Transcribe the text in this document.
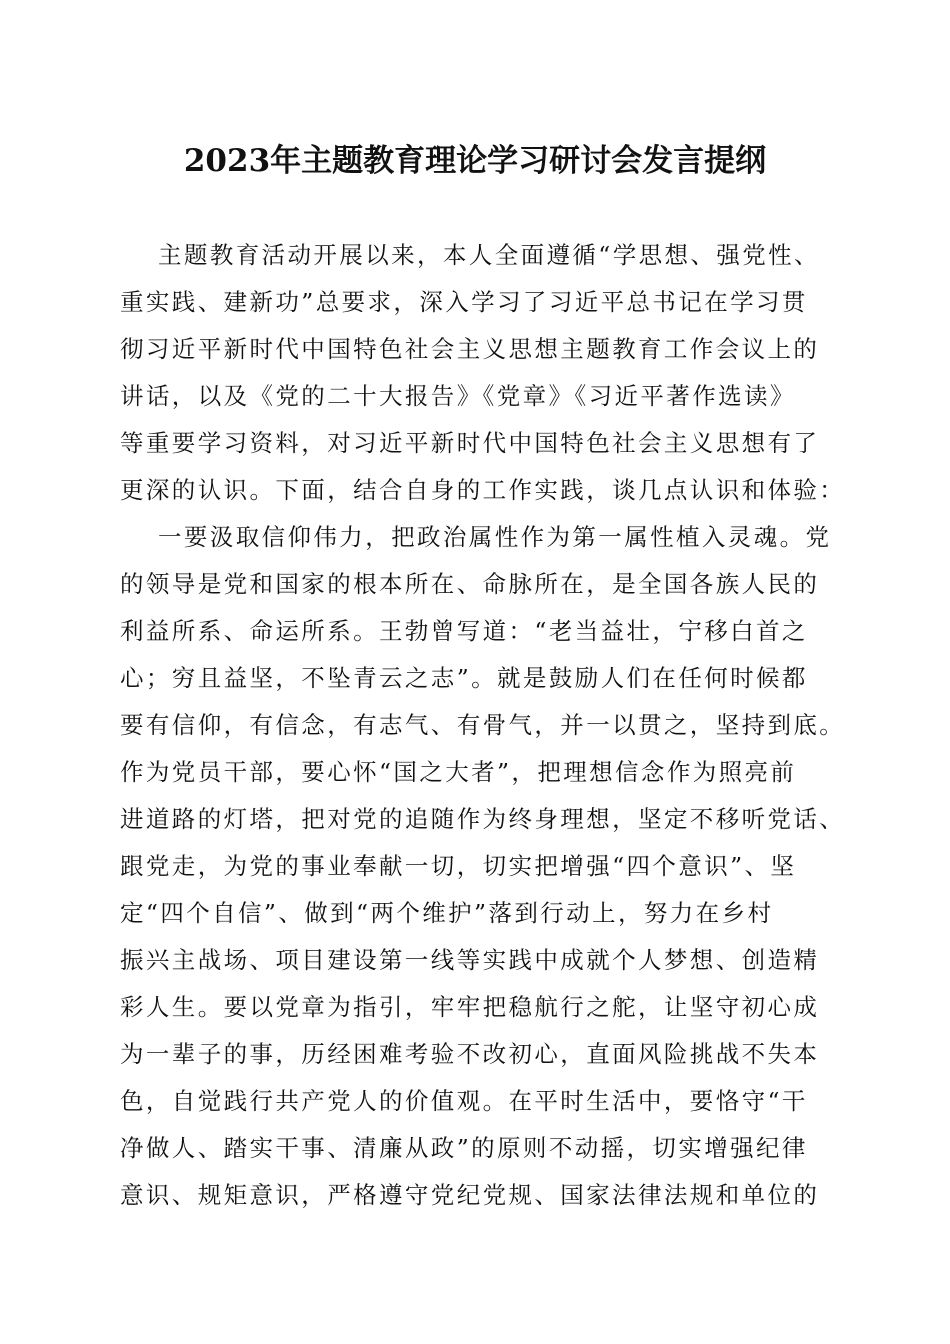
2023年主题教育理论学习研讨会发言提纲
主题教育活动开展以来，本人全面遵循“学思想、强党性、
重实践、建新功”总要求，深入学习了习近平总书记在学习贯
彻习近平新时代中国特色社会主义思想主题教育工作会议上的
讲话，以及《党的二十大报告》《党章》《习近平著作选读》
等重要学习资料，对习近平新时代中国特色社会主义思想有了
更深的认识。下面，结合自身的工作实践，谈几点认识和体验：
一要汲取信仰伟力，把政治属性作为第一属性植入灵魂。党
的领导是党和国家的根本所在、命脉所在，是全国各族人民的
利益所系、命运所系。王勃曾写道：“老当益壮，宁移白首之
心；穷且益坚，不坠青云之志”。就是鼓励人们在任何时候都
要有信仰，有信念，有志气、有骨气，并一以贯之，坚持到底。
作为党员干部，要心怀“国之大者”，把理想信念作为照亮前
进道路的灯塔，把对党的追随作为终身理想，坚定不移听党话、
跟党走，为党的事业奉献一切，切实把增强“四个意识”、坚
定“四个自信”、做到“两个维护”落到行动上，努力在乡村
振兴主战场、项目建设第一线等实践中成就个人梦想、创造精
彩人生。要以党章为指引，牢牢把稳航行之舵，让坚守初心成
为一辈子的事，历经困难考验不改初心，直面风险挑战不失本
色，自觉践行共产党人的价值观。在平时生活中，要恪守“干
净做人、踏实干事、清廉从政”的原则不动摇，切实增强纪律
意识、规矩意识，严格遵守党纪党规、国家法律法规和单位的
